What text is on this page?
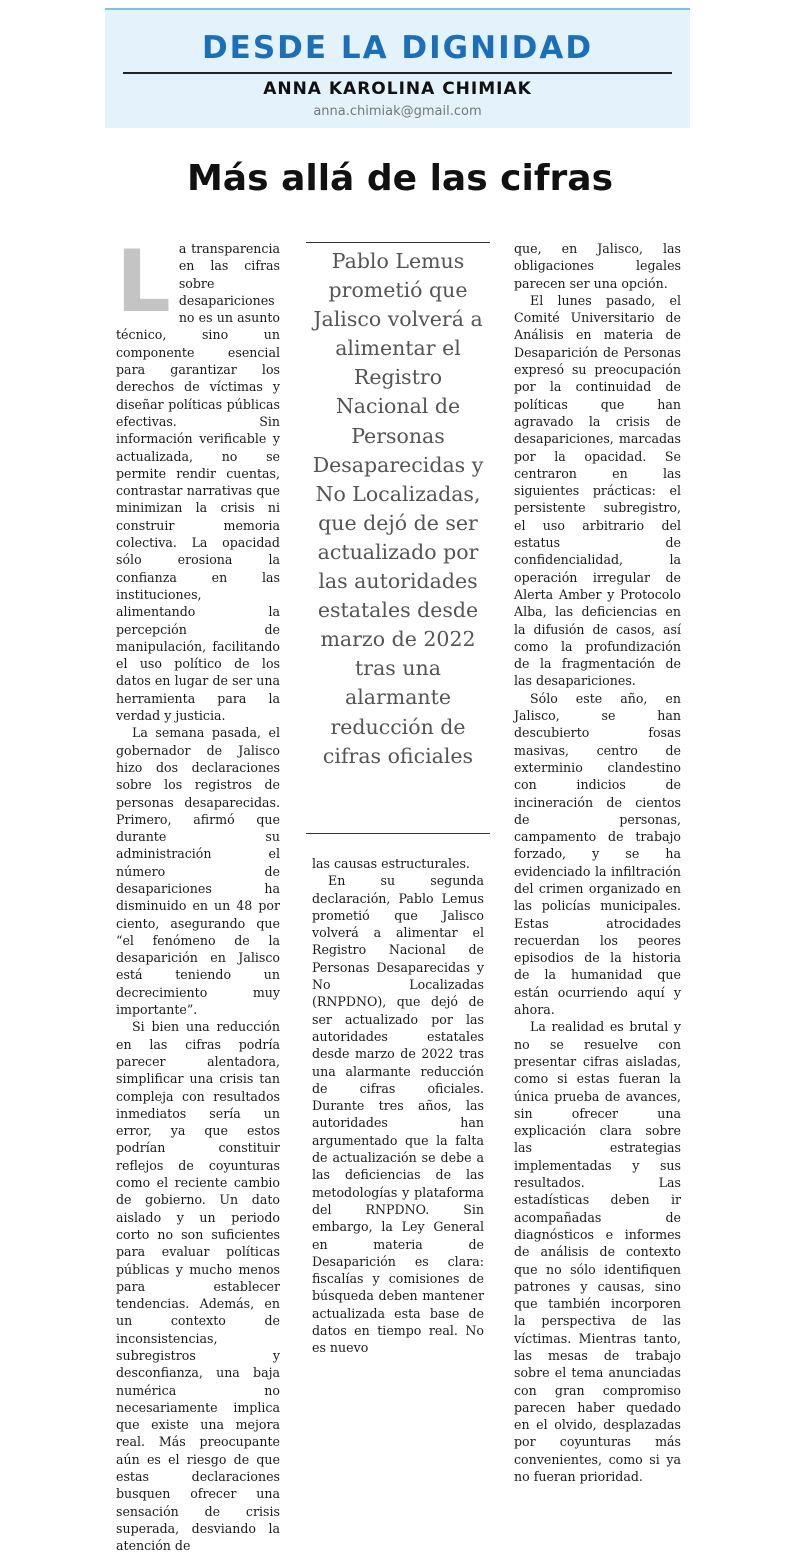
DESDE LA DIGNIDAD
ANNA KAROLINA CHIMIAK
anna.chimiak@gmail.com
Más allá de las cifras

La transparencia en las cifras sobre desapariciones no es un asunto técnico, sino un componente esencial para garantizar los derechos de víctimas y diseñar políticas públicas efectivas. Sin información verificable y actualizada, no se permite rendir cuentas, contrastar narrativas que minimizan la crisis ni construir memoria colectiva. La opacidad sólo erosiona la confianza en las instituciones, alimentando la percepción de manipulación, facilitando el uso político de los datos en lugar de ser una herramienta para la verdad y justicia.

La semana pasada, el gobernador de Jalisco hizo dos declaraciones sobre los registros de personas desaparecidas. Primero, afirmó que durante su administración el número de desapariciones ha disminuido en un 48 por ciento, asegurando que “el fenómeno de la desaparición en Jalisco está teniendo un decrecimiento muy importante”.

Si bien una reducción en las cifras podría parecer alentadora, simplificar una crisis tan compleja con resultados inmediatos sería un error, ya que estos podrían constituir reflejos de coyunturas como el reciente cambio de gobierno. Un dato aislado y un periodo corto no son suficientes para evaluar políticas públicas y mucho menos para establecer tendencias. Además, en un contexto de inconsistencias, subregistros y desconfianza, una baja numérica no necesariamente implica que existe una mejora real. Más preocupante aún es el riesgo de que estas declaraciones busquen ofrecer una sensación de crisis superada, desviando la atención de

Pablo Lemus prometió que Jalisco volverá a alimentar el Registro Nacional de Personas Desaparecidas y No Localizadas, que dejó de ser actualizado por las autoridades estatales desde marzo de 2022 tras una alarmante reducción de cifras oficiales

las causas estructurales.

En su segunda declaración, Pablo Lemus prometió que Jalisco volverá a alimentar el Registro Nacional de Personas Desaparecidas y No Localizadas (RNPDNO), que dejó de ser actualizado por las autoridades estatales desde marzo de 2022 tras una alarmante reducción de cifras oficiales. Durante tres años, las autoridades han argumentado que la falta de actualización se debe a las deficiencias de las metodologías y plataforma del RNPDNO. Sin embargo, la Ley General en materia de Desaparición es clara: fiscalías y comisiones de búsqueda deben mantener actualizada esta base de datos en tiempo real. No es nuevo

que, en Jalisco, las obligaciones legales parecen ser una opción.

El lunes pasado, el Comité Universitario de Análisis en materia de Desaparición de Personas expresó su preocupación por la continuidad de políticas que han agravado la crisis de desapariciones, marcadas por la opacidad. Se centraron en las siguientes prácticas: el persistente subregistro, el uso arbitrario del estatus de confidencialidad, la operación irregular de Alerta Amber y Protocolo Alba, las deficiencias en la difusión de casos, así como la profundización de la fragmentación de las desapariciones.

Sólo este año, en Jalisco, se han descubierto fosas masivas, centro de exterminio clandestino con indicios de incineración de cientos de personas, campamento de trabajo forzado, y se ha evidenciado la infiltración del crimen organizado en las policías municipales. Estas atrocidades recuerdan los peores episodios de la historia de la humanidad que están ocurriendo aquí y ahora.

La realidad es brutal y no se resuelve con presentar cifras aisladas, como si estas fueran la única prueba de avances, sin ofrecer una explicación clara sobre las estrategias implementadas y sus resultados. Las estadísticas deben ir acompañadas de diagnósticos e informes de análisis de contexto que no sólo identifiquen patrones y causas, sino que también incorporen la perspectiva de las víctimas. Mientras tanto, las mesas de trabajo sobre el tema anunciadas con gran compromiso parecen haber quedado en el olvido, desplazadas por coyunturas más convenientes, como si ya no fueran prioridad.
